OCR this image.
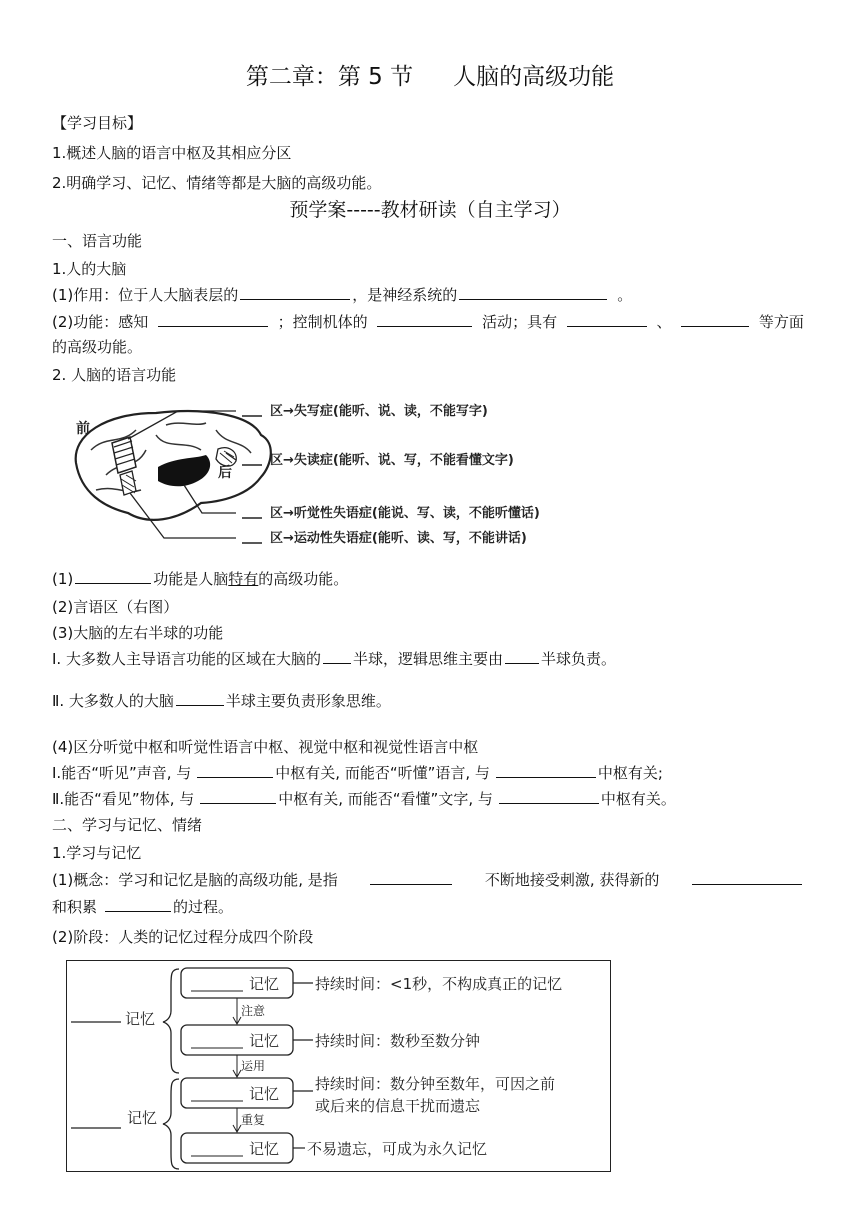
第二章：第 5 节 人脑的高级功能
【学习目标】
1.概述人脑的语言中枢及其相应分区
2.明确学习、记忆、情绪等都是大脑的高级功能。
预学案-----教材研读（自主学习）
一、语言功能
1.人的大脑
(1)作用：位于人大脑表层的	，是神经系统的	。
(2)功能：感知	；控制机体的	活动；具有	、	等方面
的高级功能。
2. 人脑的语言功能
前
后
区→失写症(能听、说、读，不能写字)
区→失读症(能听、说、写，不能看懂文字)
区→听觉性失语症(能说、写、读，不能听懂话)
区→运动性失语症(能听、读、写，不能讲话)
(1)	功能是人脑特有的高级功能。
(2)言语区（右图）
(3)大脑的左右半球的功能
Ⅰ. 大多数人主导语言功能的区域在大脑的 半球，逻辑思维主要由	半球负责。
Ⅱ. 大多数人的大脑	半球主要负责形象思维。
(4)区分听觉中枢和听觉性语言中枢、视觉中枢和视觉性语言中枢
Ⅰ.能否“听见”声音, 与	中枢有关, 而能否“听懂”语言, 与	中枢有关;
Ⅱ.能否“看见”物体, 与	中枢有关, 而能否“看懂”文字, 与	中枢有关。
二、学习与记忆、情绪
1.学习与记忆
(1)概念：学习和记忆是脑的高级功能, 是指	不断地接受刺激, 获得新的
和积累	的过程。
(2)阶段：人类的记忆过程分成四个阶段
记忆
记忆
记忆 持续时间：<1秒，不构成真正的记忆
注意
记忆 持续时间：数秒至数分钟
运用
记忆
持续时间：数分钟至数年，可因之前
或后来的信息干扰而遗忘
重复
记忆 不易遗忘，可成为永久记忆
